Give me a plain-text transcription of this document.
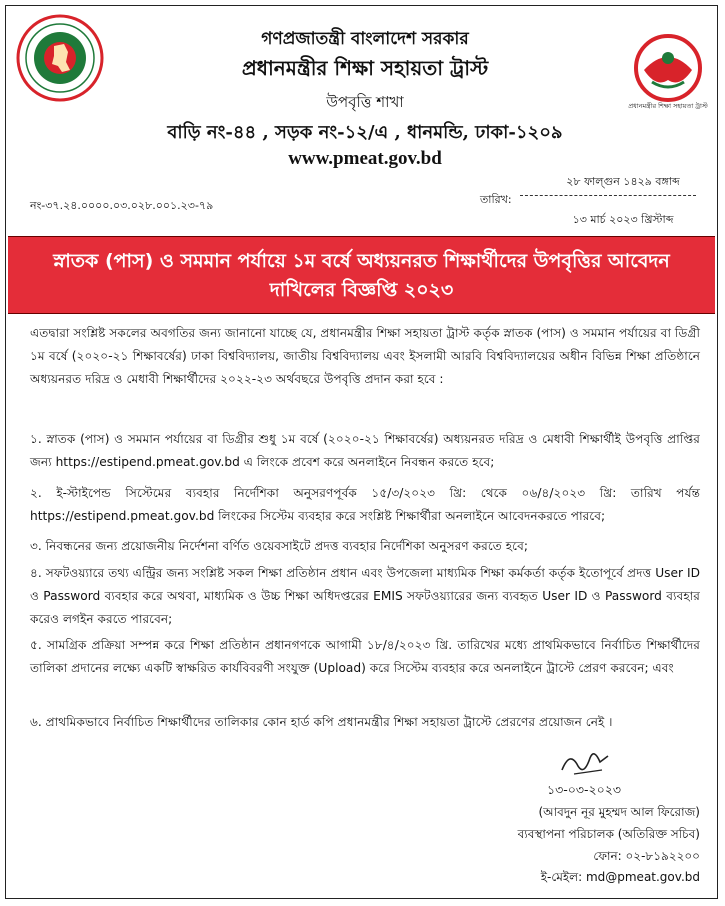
প্রধানমন্ত্রীর শিক্ষা সহায়তা ট্রাস্ট
গণপ্রজাতন্ত্রী বাংলাদেশ সরকার
প্রধানমন্ত্রীর শিক্ষা সহায়তা ট্রাস্ট
উপবৃত্তি শাখা
বাড়ি নং-৪৪ , সড়ক নং-১২/এ , ধানমন্ডি, ঢাকা-১২০৯
www.pmeat.gov.bd
নং-৩৭.২৪.০০০০.০৩.০২৮.০০১.২৩-৭৯
২৮ ফাল্গুন ১৪২৯ বঙ্গাব্দ
তারিখ:
১৩ মার্চ ২০২৩ খ্রিস্টাব্দ
স্নাতক (পাস) ও সমমান পর্যায়ে ১ম বর্ষে অধ্যয়নরত শিক্ষার্থীদের উপবৃত্তির আবেদন
দাখিলের বিজ্ঞপ্তি ২০২৩
এতদ্বারা সংশ্লিষ্ট সকলের অবগতির জন্য জানানো যাচ্ছে যে, প্রধানমন্ত্রীর শিক্ষা সহায়তা ট্রাস্ট কর্তৃক স্নাতক (পাস) ও সমমান পর্যায়ের বা ডিগ্রী ১ম বর্ষে (২০২০-২১ শিক্ষাবর্ষের) ঢাকা বিশ্ববিদ্যালয়, জাতীয় বিশ্ববিদ্যালয় এবং ইসলামী আরবি বিশ্ববিদ্যালয়ের অধীন বিভিন্ন শিক্ষা প্রতিষ্ঠানে অধ্যয়নরত দরিদ্র ও মেধাবী শিক্ষার্থীদের ২০২২-২৩ অর্থবছরে উপবৃত্তি প্রদান করা হবে :
১. স্নাতক (পাস) ও সমমান পর্যায়ের বা ডিগ্রীর শুধু ১ম বর্ষে (২০২০-২১ শিক্ষাবর্ষের) অধ্যয়নরত দরিদ্র ও মেধাবী শিক্ষার্থীই উপবৃত্তি প্রাপ্তির জন্য https://estipend.pmeat.gov.bd এ লিংকে প্রবেশ করে অনলাইনে নিবন্ধন করতে হবে;
২. ই-স্টাইপেন্ড সিস্টেমের ব্যবহার নির্দেশিকা অনুসরণপূর্বক ১৫/৩/২০২৩ খ্রি: থেকে ০৬/৪/২০২৩ খ্রি: তারিখ পর্যন্ত https://estipend.pmeat.gov.bd লিংকের সিস্টেম ব্যবহার করে সংশ্লিষ্ট শিক্ষার্থীরা অনলাইনে আবেদনকরতে পারবে;
৩. নিবন্ধনের জন্য প্রয়োজনীয় নির্দেশনা বর্ণিত ওয়েবসাইটে প্রদত্ত ব্যবহার নির্দেশিকা অনুসরণ করতে হবে;
৪. সফটওয়্যারে তথ্য এন্ট্রির জন্য সংশ্লিষ্ট সকল শিক্ষা প্রতিষ্ঠান প্রধান এবং উপজেলা মাধ্যমিক শিক্ষা কর্মকর্তা কর্তৃক ইতোপূর্বে প্রদত্ত User ID ও Password ব্যবহার করে অথবা, মাধ্যমিক ও উচ্চ শিক্ষা অধিদপ্তরের EMIS সফটওয়্যারের জন্য ব্যবহৃত User ID ও Password ব্যবহার করেও লগইন করতে পারবেন;
৫. সামগ্রিক প্রক্রিয়া সম্পন্ন করে শিক্ষা প্রতিষ্ঠান প্রধানগণকে আগামী ১৮/৪/২০২৩ খ্রি. তারিখের মধ্যে প্রাথমিকভাবে নির্বাচিত শিক্ষার্থীদের তালিকা প্রদানের লক্ষ্যে একটি স্বাক্ষরিত কার্যবিবরণী সংযুক্ত (Upload) করে সিস্টেম ব্যবহার করে অনলাইনে ট্রাস্টে প্রেরণ করবেন; এবং
৬. প্রাথমিকভাবে নির্বাচিত শিক্ষার্থীদের তালিকার কোন হার্ড কপি প্রধানমন্ত্রীর শিক্ষা সহায়তা ট্রাস্টে প্রেরণের প্রয়োজন নেই ।
১৩-০৩-২০২৩
(আবদুন নূর মুহম্মদ আল ফিরোজ)
ব্যবস্থাপনা পরিচালক (অতিরিক্ত সচিব)
ফোন: ০২-৮১৯২২০০
ই-মেইল: md@pmeat.gov.bd
